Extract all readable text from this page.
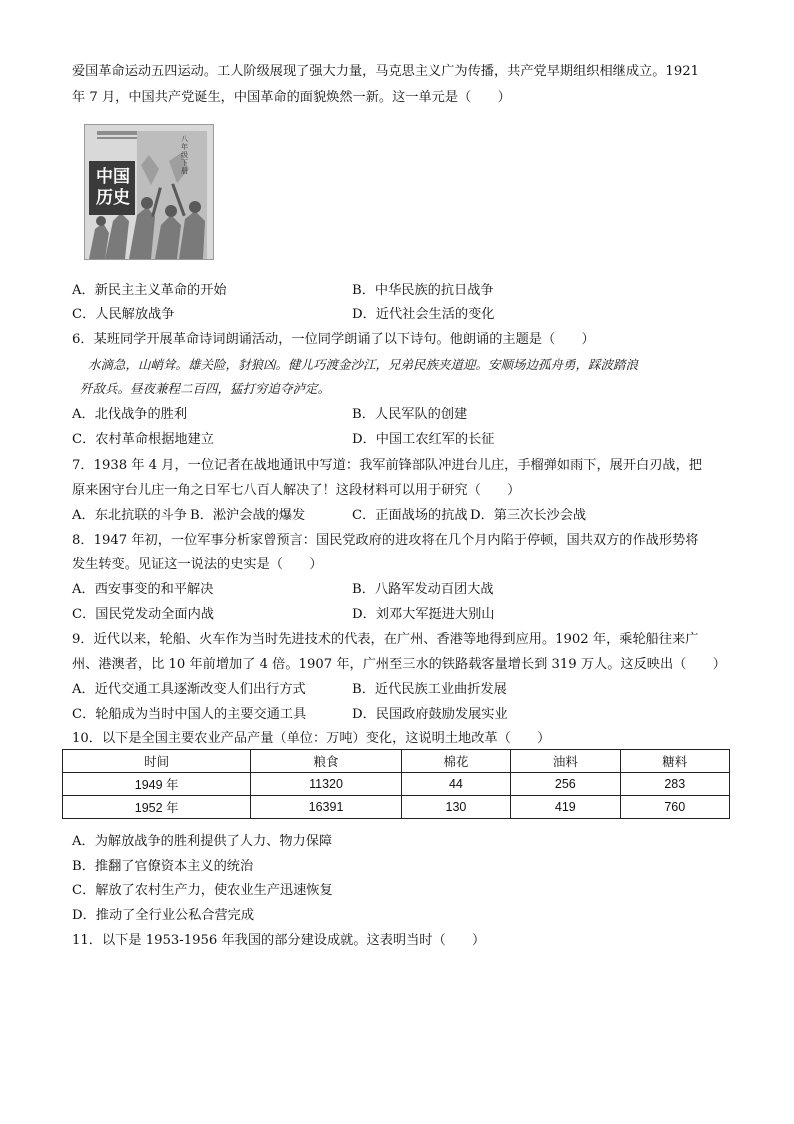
爱国革命运动五四运动。工人阶级展现了强大力量，马克思主义广为传播，共产党早期组织相继成立。1921
年 7 月，中国共产党诞生，中国革命的面貌焕然一新。这一单元是（　　）
中国历史
八年级 下册
A．新民主主义革命的开始	B．中华民族的抗日战争
C．人民解放战争	D．近代社会生活的变化
6．某班同学开展革命诗词朗诵活动，一位同学朗诵了以下诗句。他朗诵的主题是（　　）
水滴急，山峭耸。雄关险，豺狼凶。健儿巧渡金沙江，兄弟民族夹道迎。安顺场边孤舟勇，踩波踏浪
歼敌兵。昼夜兼程二百四，猛打穷追夺泸定。
A．北伐战争的胜利	B．人民军队的创建
C．农村革命根据地建立	D．中国工农红军的长征
7．1938 年 4 月，一位记者在战地通讯中写道：我军前锋部队冲进台儿庄，手榴弹如雨下，展开白刃战，把
原来困守台儿庄一角之日军七八百人解决了！这段材料可以用于研究（　　）
A．东北抗联的斗争 B．淞沪会战的爆发	C．正面战场的抗战 D．第三次长沙会战
8．1947 年初，一位军事分析家曾预言：国民党政府的进攻将在几个月内陷于停顿，国共双方的作战形势将
发生转变。见证这一说法的史实是（　　）
A．西安事变的和平解决	B．八路军发动百团大战
C．国民党发动全面内战	D．刘邓大军挺进大别山
9．近代以来，轮船、火车作为当时先进技术的代表，在广州、香港等地得到应用。1902 年，乘轮船往来广
州、港澳者，比 10 年前增加了 4 倍。1907 年，广州至三水的铁路载客量增长到 319 万人。这反映出（　　）
A．近代交通工具逐渐改变人们出行方式	B．近代民族工业曲折发展
C．轮船成为当时中国人的主要交通工具	D．民国政府鼓励发展实业
10．以下是全国主要农业产品产量（单位：万吨）变化，这说明土地改革（　　）
时间	粮食	棉花	油料	糖料
1949 年	11320	44	256	283
1952 年	16391	130	419	760
A．为解放战争的胜利提供了人力、物力保障
B．推翻了官僚资本主义的统治
C．解放了农村生产力，使农业生产迅速恢复
D．推动了全行业公私合营完成
11．以下是 1953-1956 年我国的部分建设成就。这表明当时（　　）
